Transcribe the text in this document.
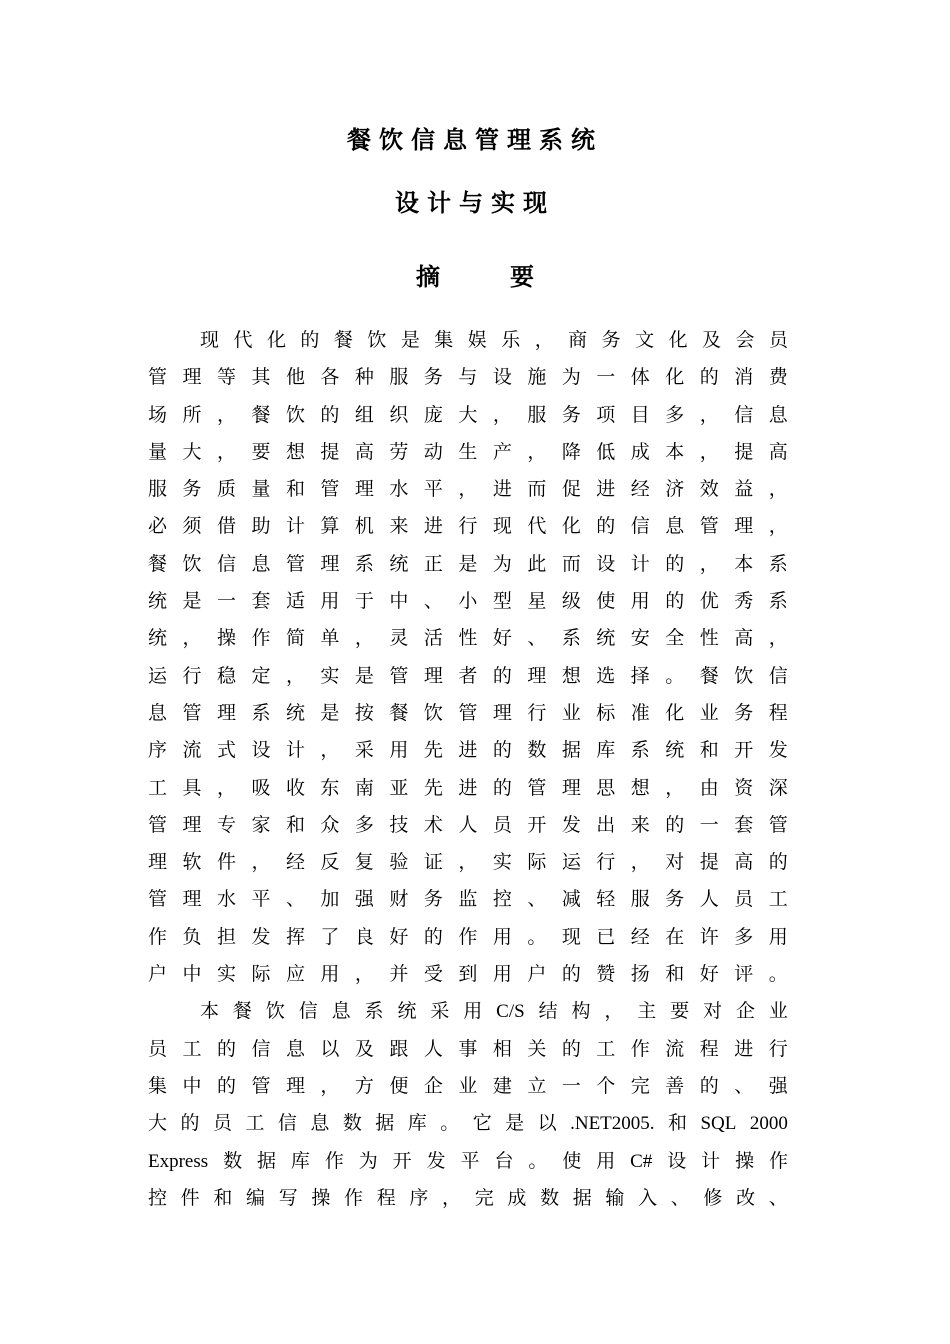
餐饮信息管理系统
设计与实现
摘要
现 代 化 的 餐 饮 是 集 娱 乐 ， 商 务 文 化 及 会 员
管 理 等 其 他 各 种 服 务 与 设 施 为 一 体 化 的 消 费
场 所 ， 餐 饮 的 组 织 庞 大 ， 服 务 项 目 多 ， 信 息
量 大 ， 要 想 提 高 劳 动 生 产 ， 降 低 成 本 ， 提 高
服 务 质 量 和 管 理 水 平 ， 进 而 促 进 经 济 效 益 ，
必 须 借 助 计 算 机 来 进 行 现 代 化 的 信 息 管 理 ，
餐 饮 信 息 管 理 系 统 正 是 为 此 而 设 计 的 ， 本 系
统 是 一 套 适 用 于 中 、 小 型 星 级 使 用 的 优 秀 系
统 ， 操 作 简 单 ， 灵 活 性 好 、 系 统 安 全 性 高 ，
运 行 稳 定 ， 实 是 管 理 者 的 理 想 选 择 。 餐 饮 信
息 管 理 系 统 是 按 餐 饮 管 理 行 业 标 准 化 业 务 程
序 流 式 设 计 ， 采 用 先 进 的 数 据 库 系 统 和 开 发
工 具 ， 吸 收 东 南 亚 先 进 的 管 理 思 想 ， 由 资 深
管 理 专 家 和 众 多 技 术 人 员 开 发 出 来 的 一 套 管
理 软 件 ， 经 反 复 验 证 ， 实 际 运 行 ， 对 提 高 的
管 理 水 平 、 加 强 财 务 监 控 、 减 轻 服 务 人 员 工
作 负 担 发 挥 了 良 好 的 作 用 。 现 已 经 在 许 多 用
户 中 实 际 应 用 ， 并 受 到 用 户 的 赞 扬 和 好 评 。
本 餐 饮 信 息 系 统 采 用 C/S 结 构 ， 主 要 对 企 业
员 工 的 信 息 以 及 跟 人 事 相 关 的 工 作 流 程 进 行
集 中 的 管 理 ， 方 便 企 业 建 立 一 个 完 善 的 、 强
大 的 员 工 信 息 数 据 库 。 它 是 以 .NET2005. 和 SQL 2000
Express 数 据 库 作 为 开 发 平 台 。 使 用 C# 设 计 操 作
控 件 和 编 写 操 作 程 序 ， 完 成 数 据 输 入 、 修 改 、
